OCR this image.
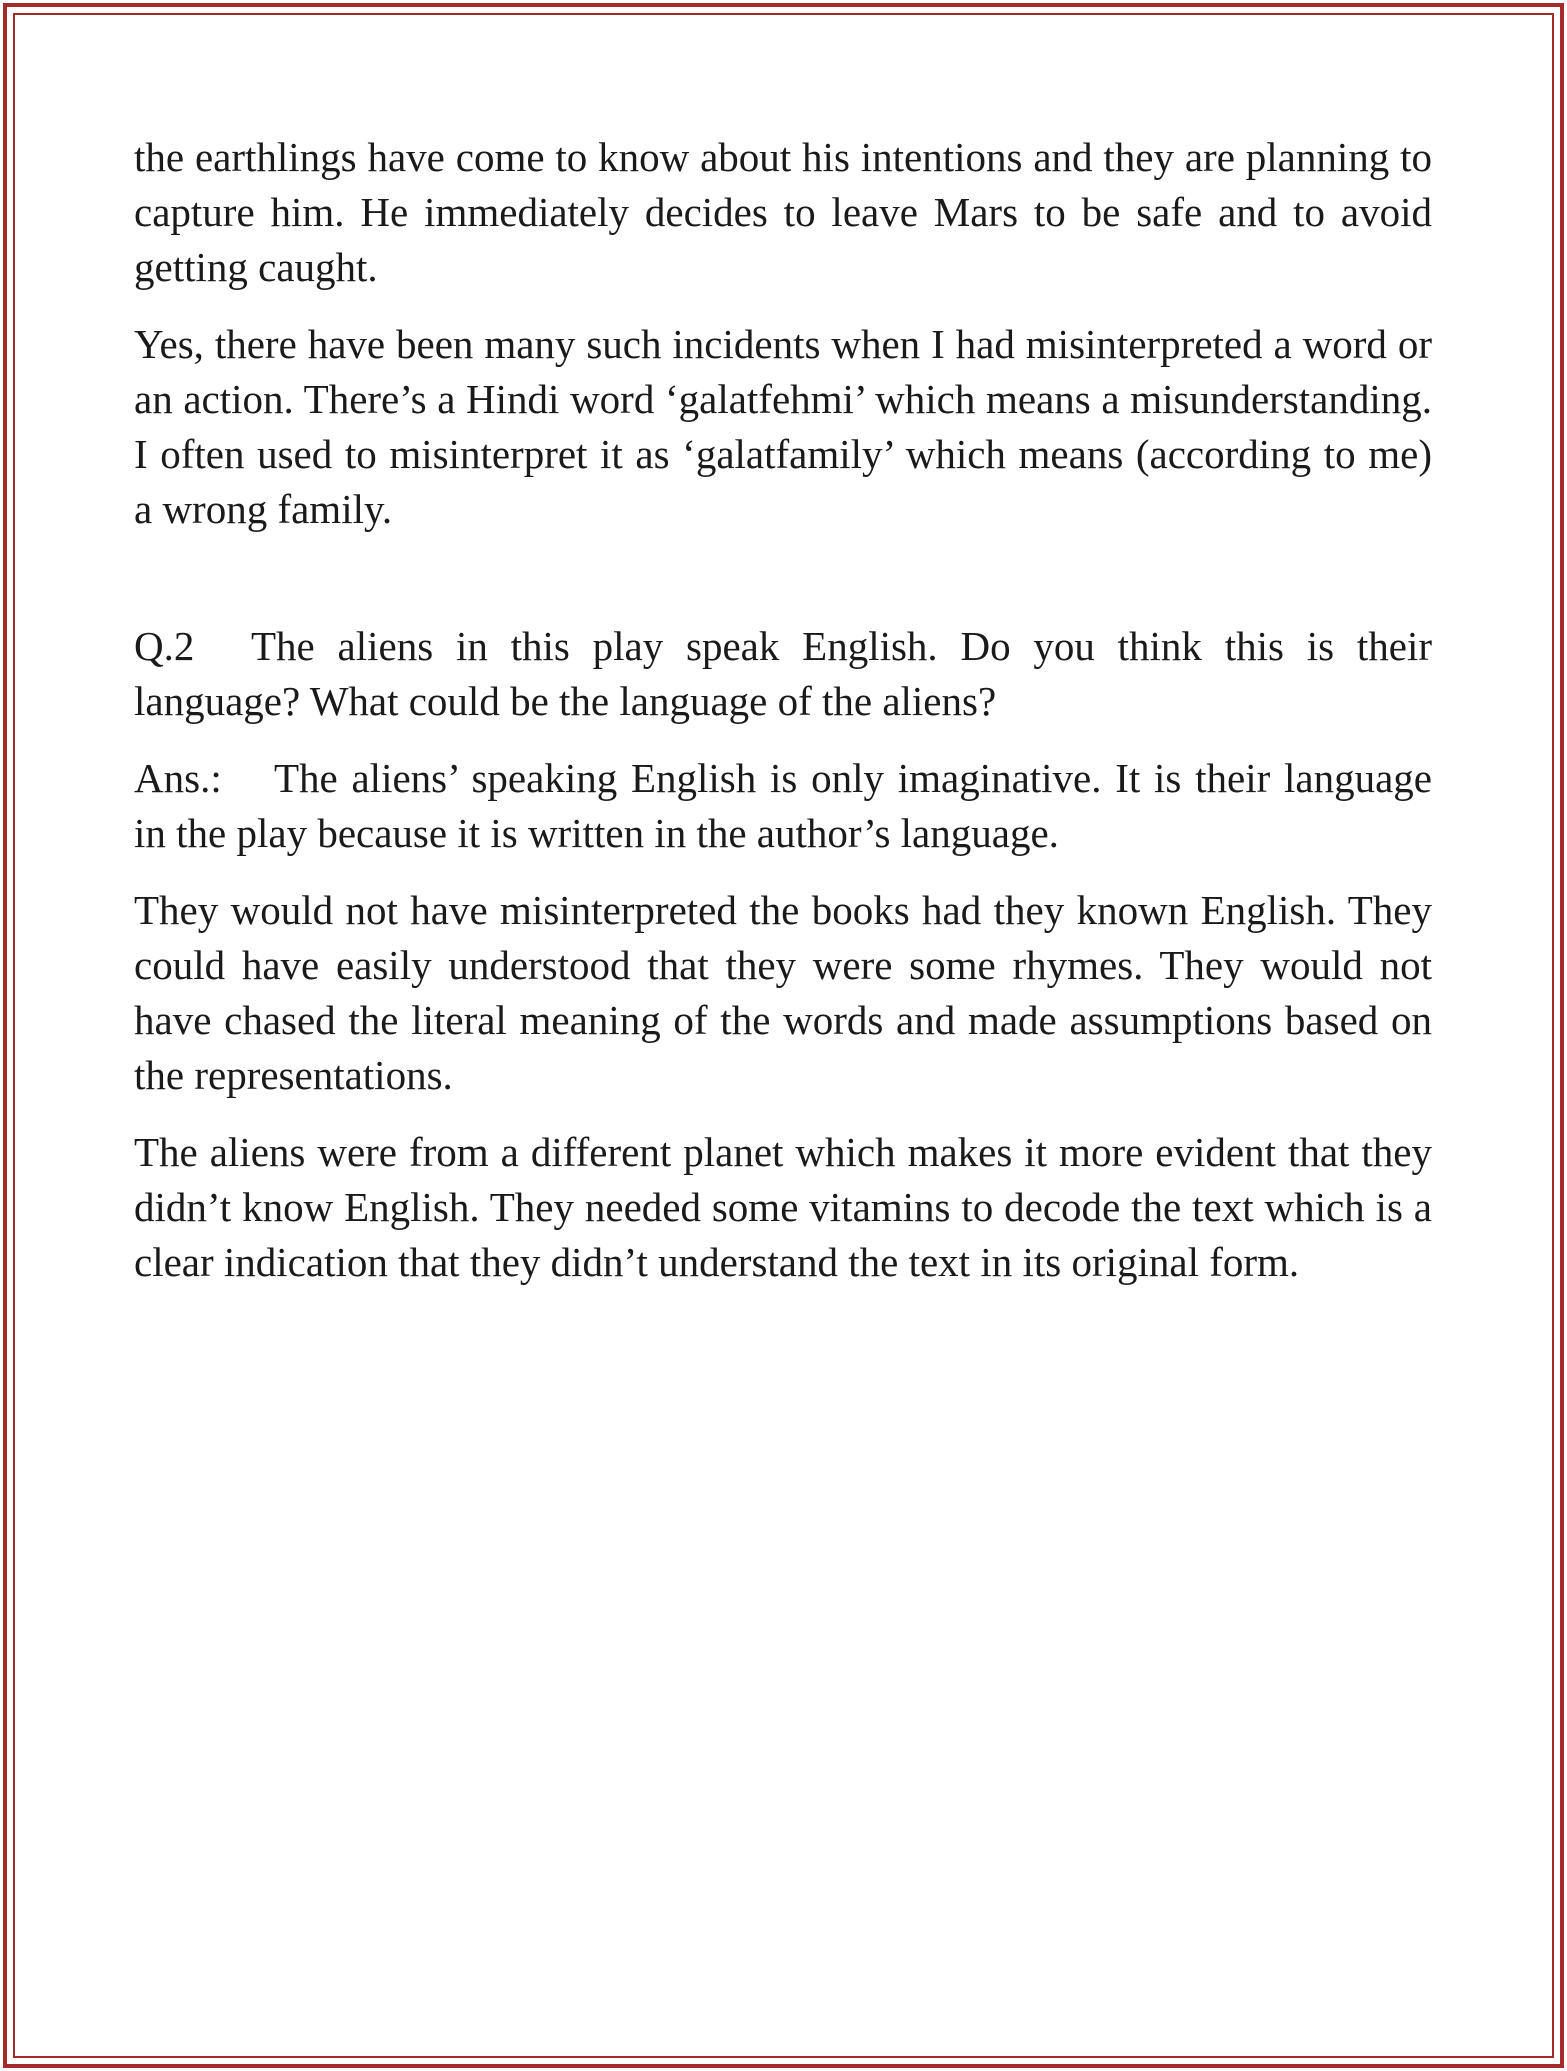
the earthlings have come to know about his intentions and they are planning to capture him. He immediately decides to leave Mars to be safe and to avoid getting caught.

Yes, there have been many such incidents when I had misinterpreted a word or an action. There’s a Hindi word ‘galatfehmi’ which means a misunderstanding. I often used to misinterpret it as ‘galatfamily’ which means (according to me) a wrong family.

Q.2 The aliens in this play speak English. Do you think this is their language? What could be the language of the aliens?

Ans.: The aliens’ speaking English is only imaginative. It is their language in the play because it is written in the author’s language.

They would not have misinterpreted the books had they known English. They could have easily understood that they were some rhymes. They would not have chased the literal meaning of the words and made assumptions based on the representations.

The aliens were from a different planet which makes it more evident that they didn’t know English. They needed some vitamins to decode the text which is a clear indication that they didn’t understand the text in its original form.
